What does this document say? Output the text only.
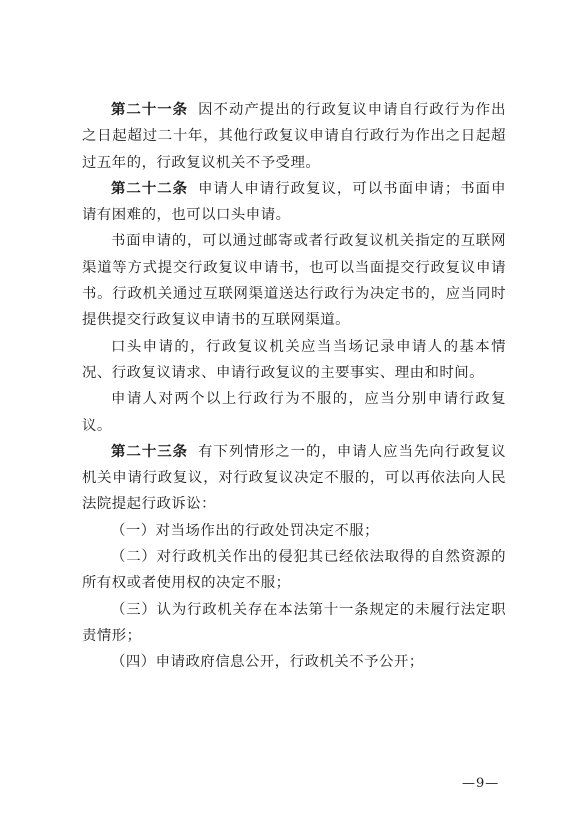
第二十一条 因不动产提出的行政复议申请自行政行为作出之日起超过二十年，其他行政复议申请自行政行为作出之日起超过五年的，行政复议机关不予受理。

第二十二条 申请人申请行政复议，可以书面申请；书面申请有困难的，也可以口头申请。

书面申请的，可以通过邮寄或者行政复议机关指定的互联网渠道等方式提交行政复议申请书，也可以当面提交行政复议申请书。行政机关通过互联网渠道送达行政行为决定书的，应当同时提供提交行政复议申请书的互联网渠道。

口头申请的，行政复议机关应当当场记录申请人的基本情况、行政复议请求、申请行政复议的主要事实、理由和时间。

申请人对两个以上行政行为不服的，应当分别申请行政复议。

第二十三条 有下列情形之一的，申请人应当先向行政复议机关申请行政复议，对行政复议决定不服的，可以再依法向人民法院提起行政诉讼：

（一）对当场作出的行政处罚决定不服；

（二）对行政机关作出的侵犯其已经依法取得的自然资源的所有权或者使用权的决定不服；

（三）认为行政机关存在本法第十一条规定的未履行法定职责情形；

（四）申请政府信息公开，行政机关不予公开；

—9—
